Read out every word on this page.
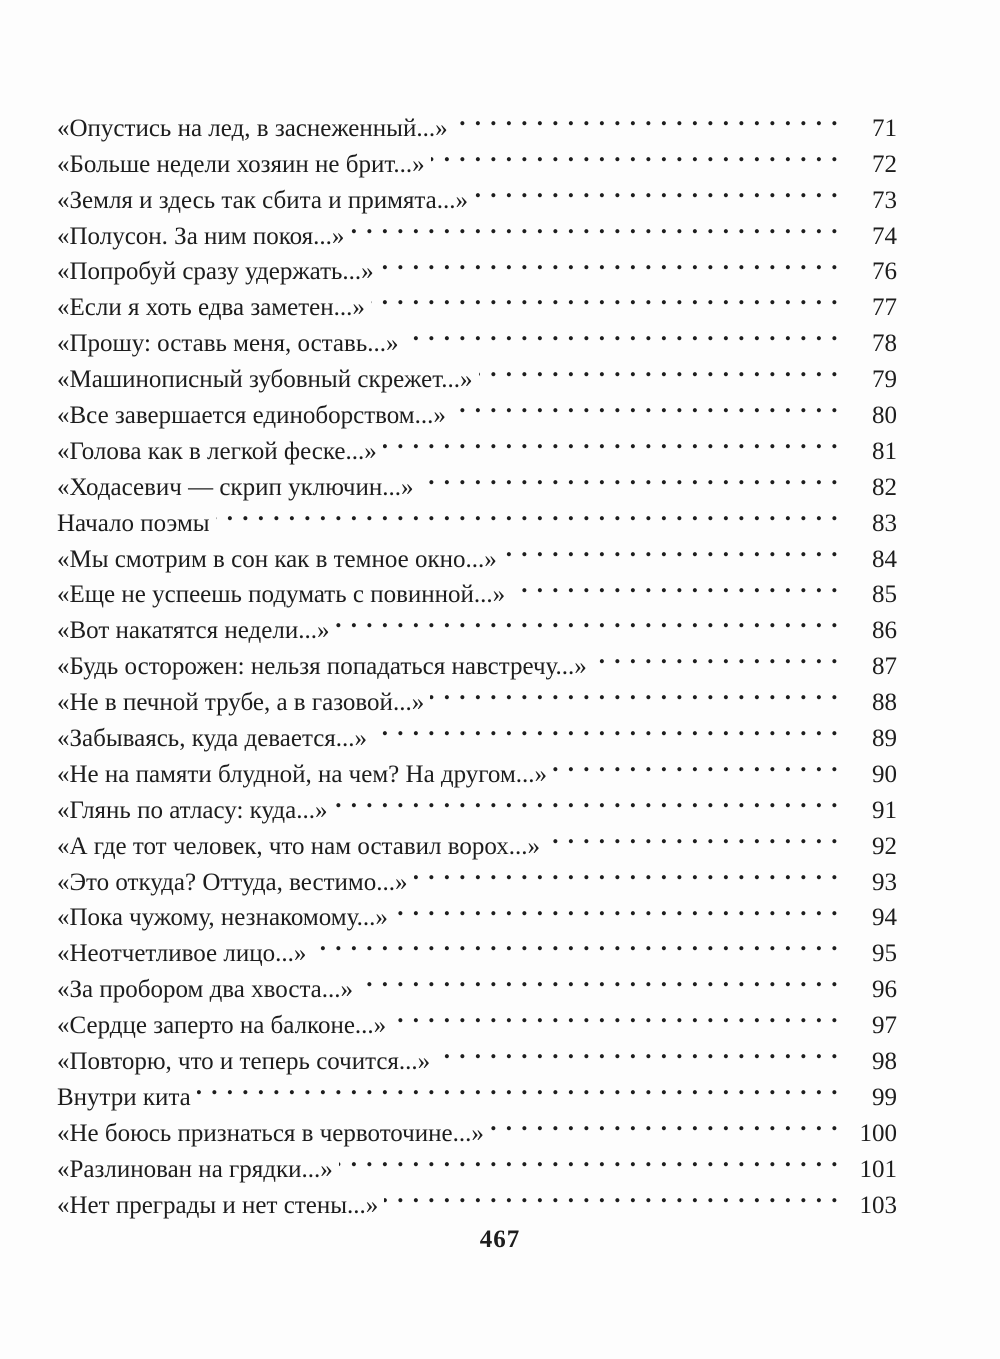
«Опустись на лед, в заснеженный...» . . .	71
«Больше недели хозяин не брит...» . . .	72
«Земля и здесь так сбита и примята...» . . .	73
«Полусон. За ним покоя...» . . .	74
«Попробуй сразу удержать...» . . .	76
«Если я хоть едва заметен...» . . .	77
«Прошу: оставь меня, оставь...» . . .	78
«Машинописный зубовный скрежет...» . . .	79
«Все завершается единоборством...» . . .	80
«Голова как в легкой феске...» . . .	81
«Ходасевич — скрип уключин...» . . .	82
Начало поэмы . . .	83
«Мы смотрим в сон как в темное окно...» . . .	84
«Еще не успеешь подумать с повинной...» . . .	85
«Вот накатятся недели...» . . .	86
«Будь осторожен: нельзя попадаться навстречу...» . . .	87
«Не в печной трубе, а в газовой...» . . .	88
«Забываясь, куда девается...» . . .	89
«Не на памяти блудной, на чем? На другом...» . . .	90
«Глянь по атласу: куда...» . . .	91
«А где тот человек, что нам оставил ворох...» . . .	92
«Это откуда? Оттуда, вестимо...» . . .	93
«Пока чужому, незнакомому...» . . .	94
«Неотчетливое лицо...» . . .	95
«За пробором два хвоста...» . . .	96
«Сердце заперто на балконе...» . . .	97
«Повторю, что и теперь сочится...» . . .	98
Внутри кита . . .	99
«Не боюсь признаться в червоточине...» . . .	100
«Разлинован на грядки...» . . .	101
«Нет преграды и нет стены...» . . .	103
467
